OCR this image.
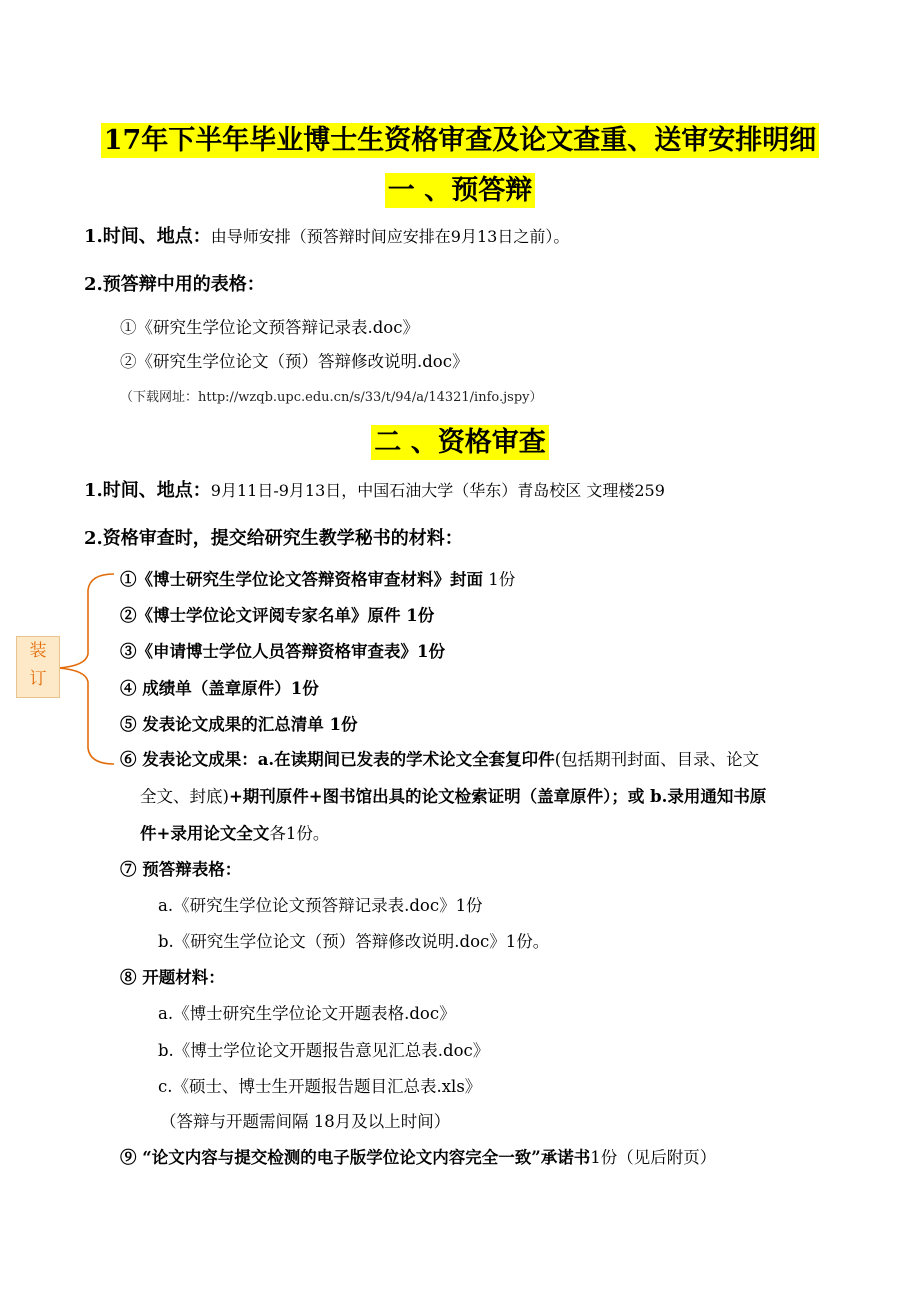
17年下半年毕业博士生资格审查及论文查重、送审安排明细
一 、预答辩
1.时间、地点：由导师安排（预答辩时间应安排在9月13日之前）。
2.预答辩中用的表格：
①《研究生学位论文预答辩记录表.doc》
②《研究生学位论文（预）答辩修改说明.doc》
（下载网址：http://wzqb.upc.edu.cn/s/33/t/94/a/14321/info.jspy）
二 、资格审查
1.时间、地点：9月11日-9月13日，中国石油大学（华东）青岛校区 文理楼259
2.资格审查时，提交给研究生教学秘书的材料：
装
订
①《博士研究生学位论文答辩资格审查材料》封面 1份
②《博士学位论文评阅专家名单》原件 1份
③《申请博士学位人员答辩资格审查表》1份
④ 成绩单（盖章原件）1份
⑤ 发表论文成果的汇总清单 1份
⑥ 发表论文成果：a.在读期间已发表的学术论文全套复印件(包括期刊封面、目录、论文
全文、封底)+期刊原件+图书馆出具的论文检索证明（盖章原件）；或 b.录用通知书原
件+录用论文全文各1份。
⑦ 预答辩表格：
a.《研究生学位论文预答辩记录表.doc》1份
b.《研究生学位论文（预）答辩修改说明.doc》1份。
⑧ 开题材料：
a.《博士研究生学位论文开题表格.doc》
b.《博士学位论文开题报告意见汇总表.doc》
c.《硕士、博士生开题报告题目汇总表.xls》
（答辩与开题需间隔 18月及以上时间）
⑨ “论文内容与提交检测的电子版学位论文内容完全一致”承诺书1份（见后附页）
